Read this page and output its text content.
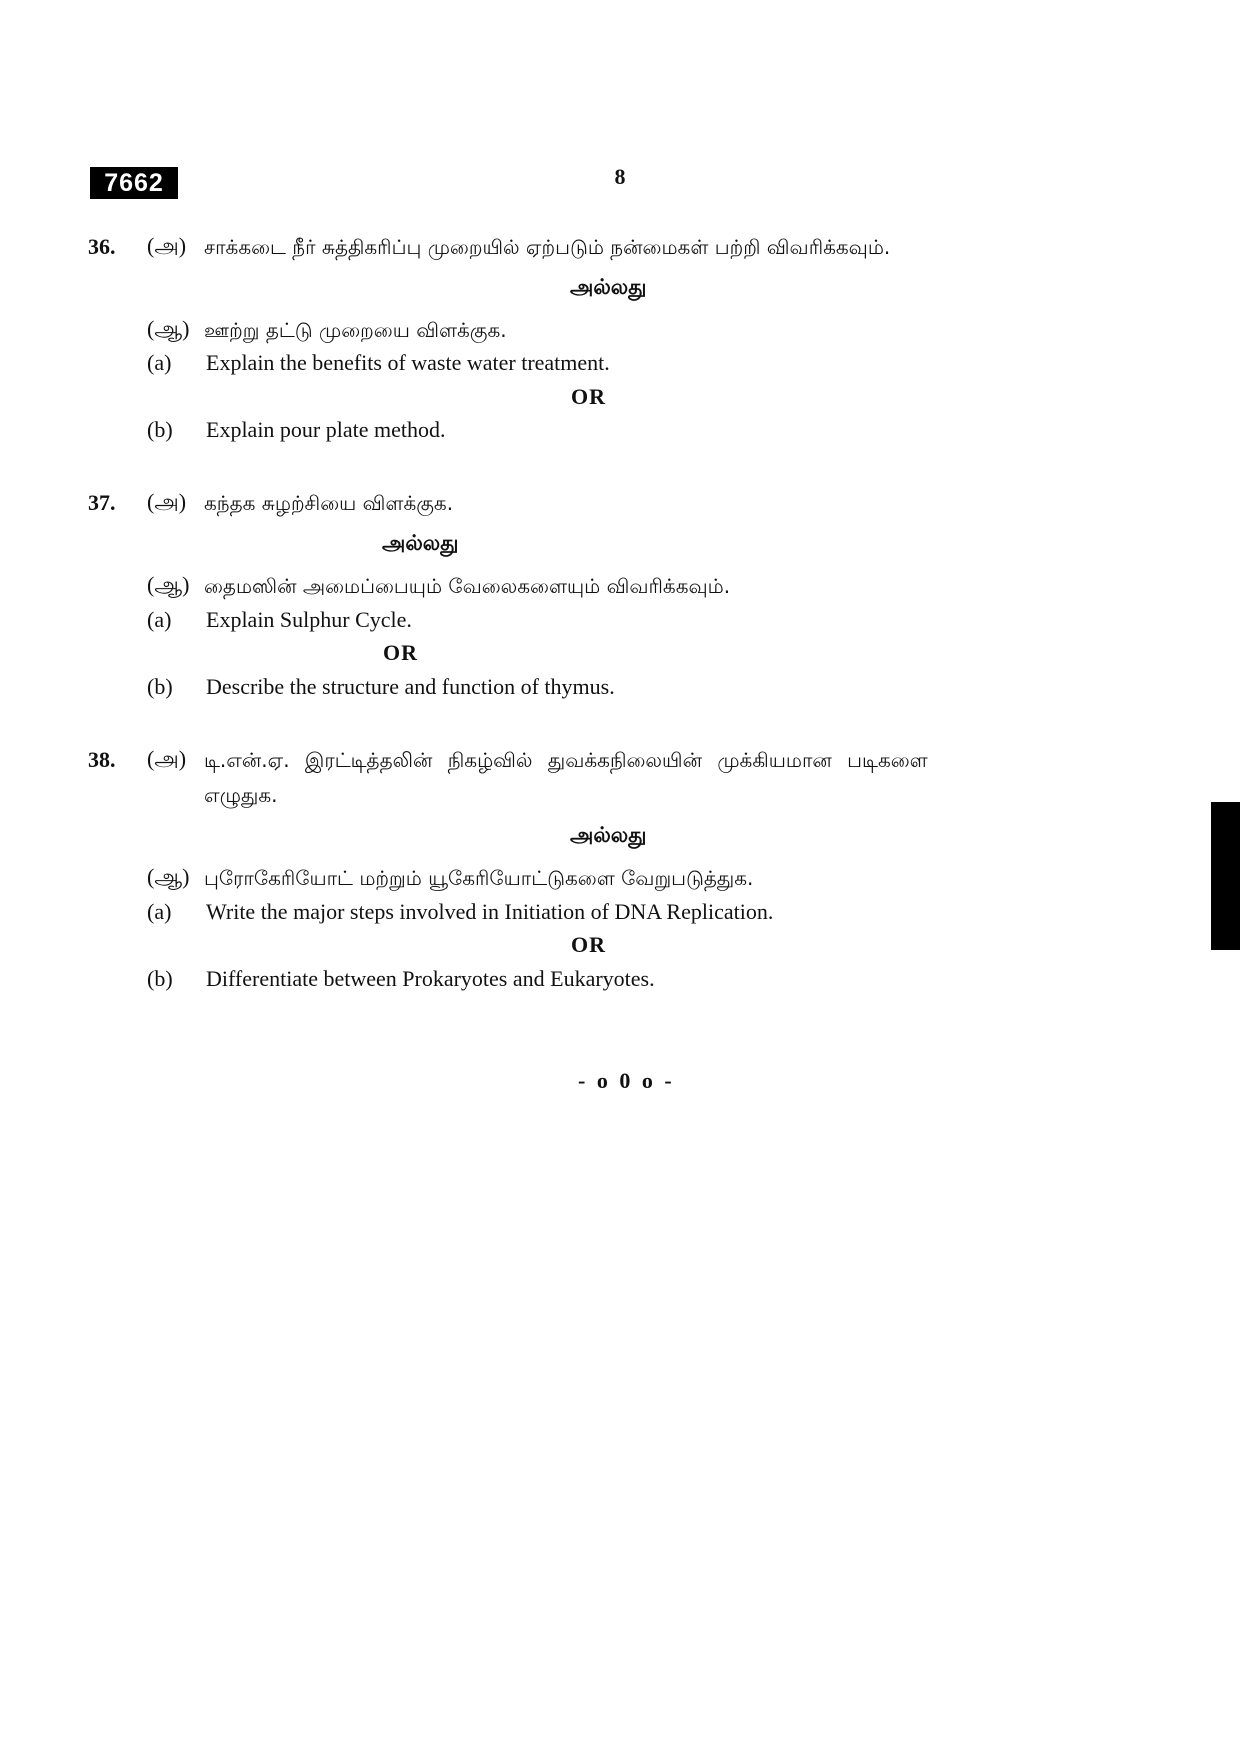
7662	8
36. (அ) சாக்கடை நீர் சுத்திகரிப்பு முறையில் ஏற்படும் நன்மைகள் பற்றி விவரிக்கவும்.
அல்லது
(ஆ) ஊற்று தட்டு முறையை விளக்குக.
(a) Explain the benefits of waste water treatment.
OR
(b) Explain pour plate method.
37. (அ) கந்தக சுழற்சியை விளக்குக.
அல்லது
(ஆ) தைமஸின் அமைப்பையும் வேலைகளையும் விவரிக்கவும்.
(a) Explain Sulphur Cycle.
OR
(b) Describe the structure and function of thymus.
38. (அ) டி.என்.ஏ. இரட்டித்தலின் நிகழ்வில் துவக்கநிலையின் முக்கியமான படிகளை
எழுதுக.
அல்லது
(ஆ) புரோகேரியோட் மற்றும் யூகேரியோட்டுகளை வேறுபடுத்துக.
(a) Write the major steps involved in Initiation of DNA Replication.
OR
(b) Differentiate between Prokaryotes and Eukaryotes.
- o 0 o -
